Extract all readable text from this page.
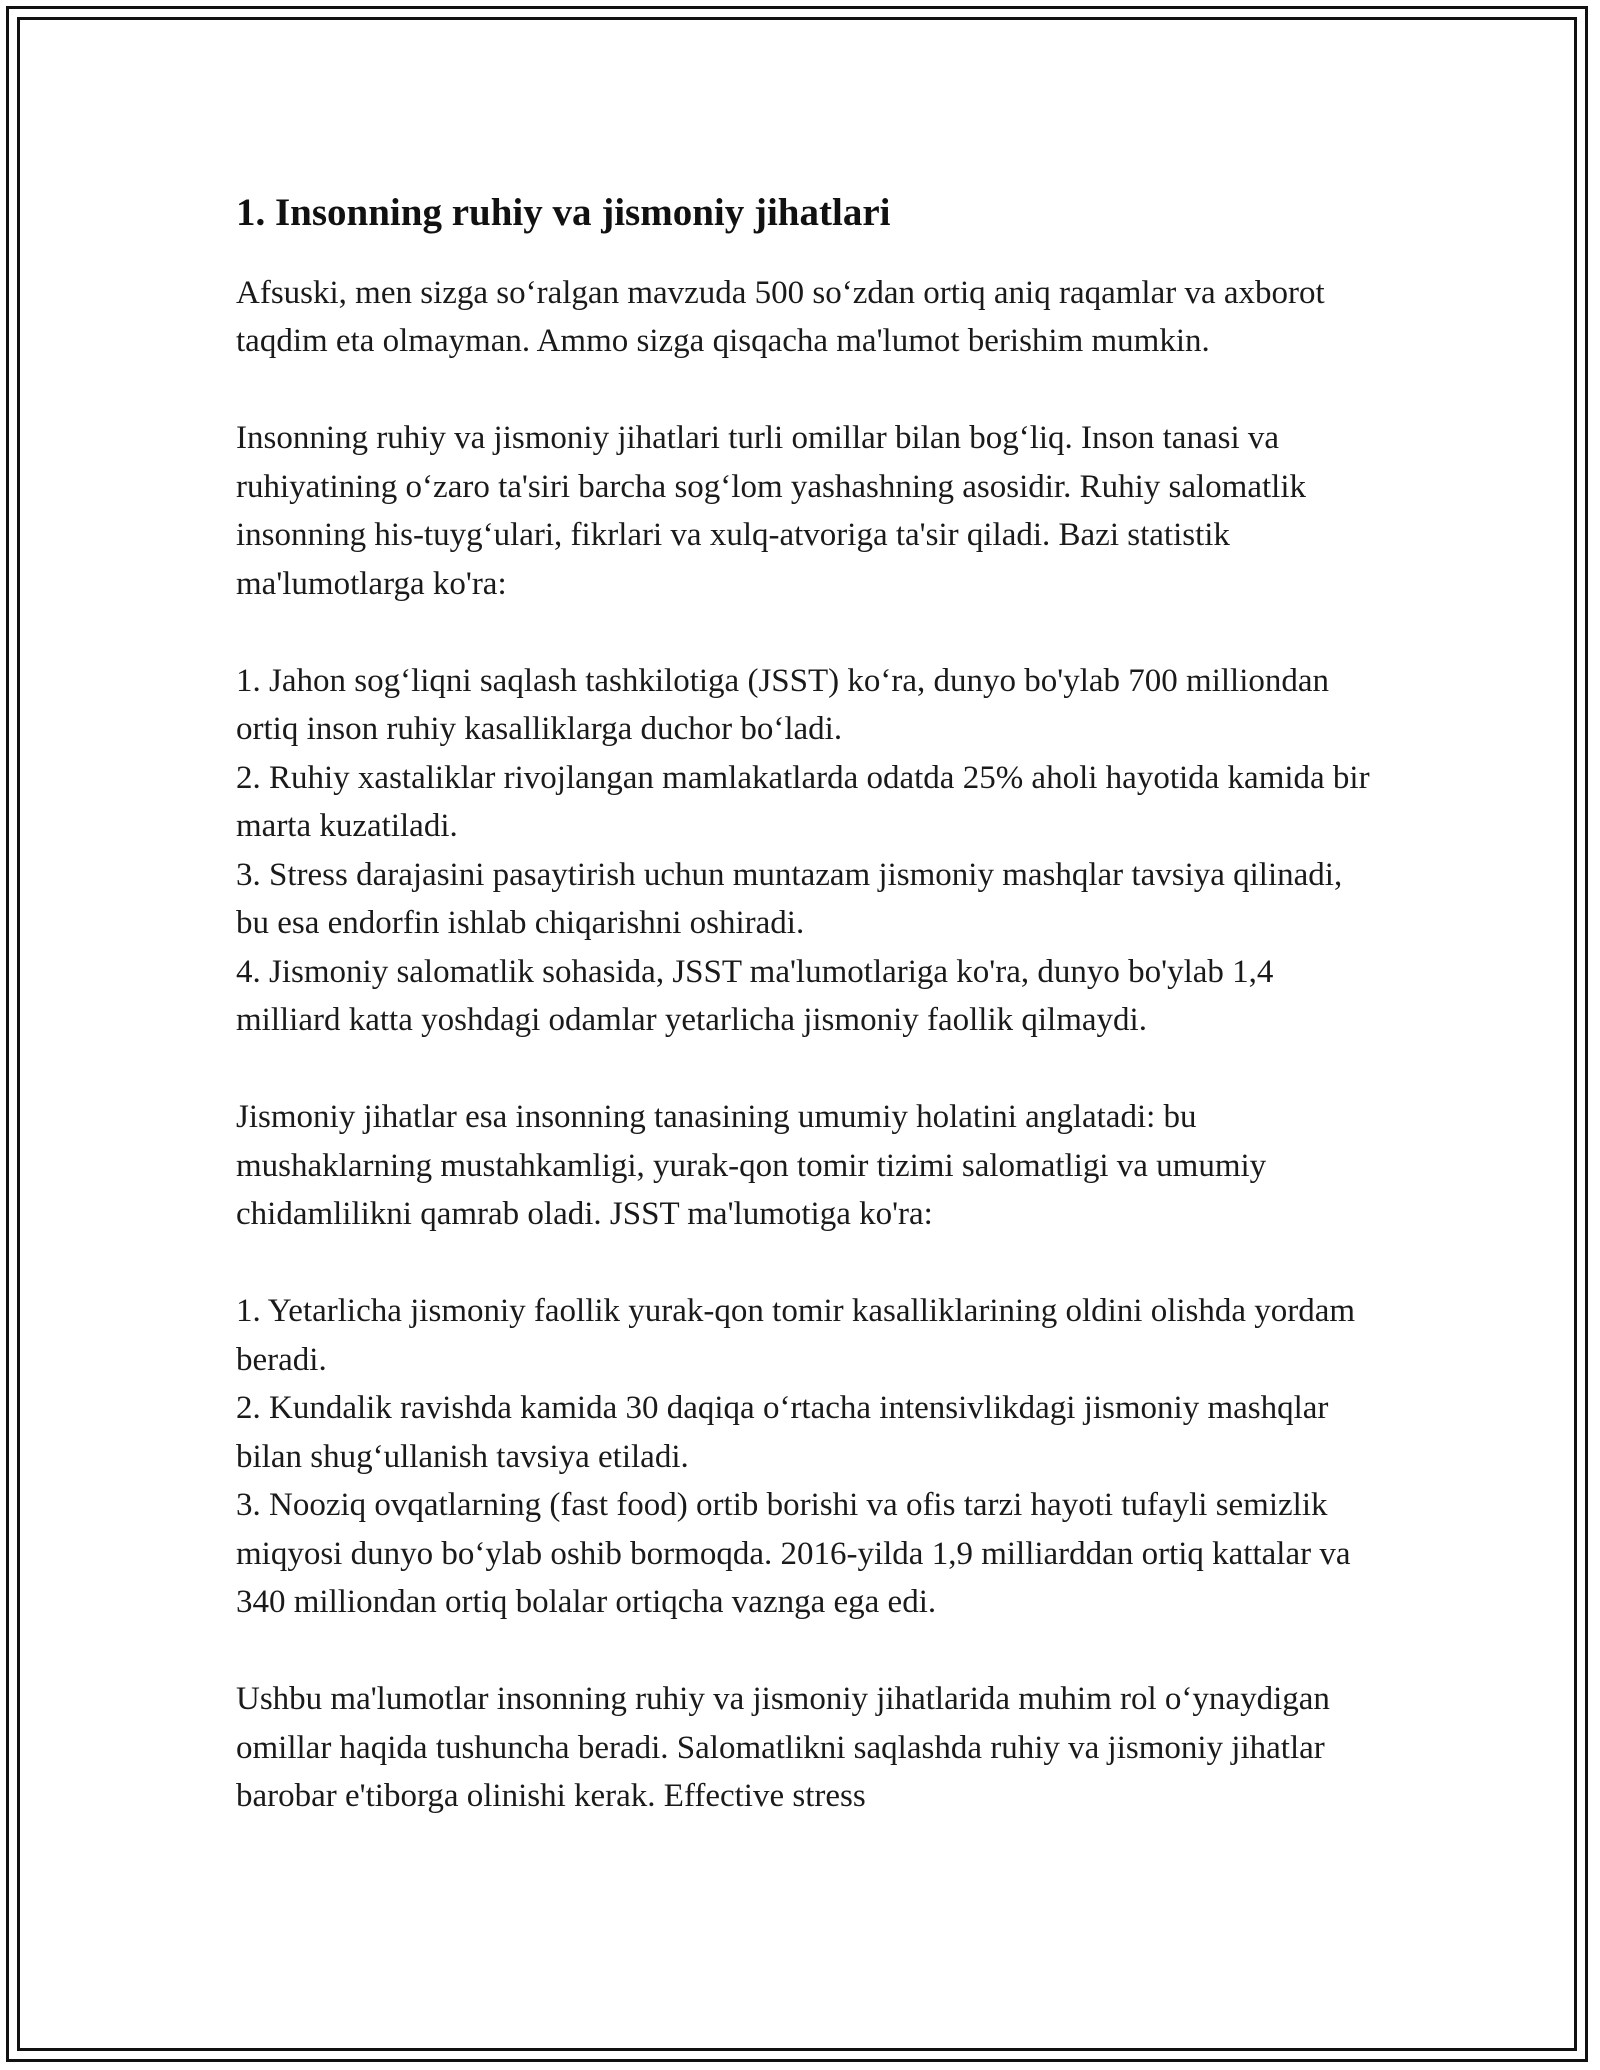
1. Insonning ruhiy va jismoniy jihatlari

Afsuski, men sizga so‘ralgan mavzuda 500 so‘zdan ortiq aniq raqamlar va axborot taqdim eta olmayman. Ammo sizga qisqacha ma'lumot berishim mumkin.

Insonning ruhiy va jismoniy jihatlari turli omillar bilan bog‘liq. Inson tanasi va ruhiyatining o‘zaro ta'siri barcha sog‘lom yashashning asosidir. Ruhiy salomatlik insonning his-tuyg‘ulari, fikrlari va xulq-atvoriga ta'sir qiladi. Bazi statistik ma'lumotlarga ko'ra:

1. Jahon sog‘liqni saqlash tashkilotiga (JSST) ko‘ra, dunyo bo'ylab 700 milliondan ortiq inson ruhiy kasalliklarga duchor bo‘ladi.

2. Ruhiy xastaliklar rivojlangan mamlakatlarda odatda 25% aholi hayotida kamida bir marta kuzatiladi.

3. Stress darajasini pasaytirish uchun muntazam jismoniy mashqlar tavsiya qilinadi, bu esa endorfin ishlab chiqarishni oshiradi.

4. Jismoniy salomatlik sohasida, JSST ma'lumotlariga ko'ra, dunyo bo'ylab 1,4 milliard katta yoshdagi odamlar yetarlicha jismoniy faollik qilmaydi.

Jismoniy jihatlar esa insonning tanasining umumiy holatini anglatadi: bu mushaklarning mustahkamligi, yurak-qon tomir tizimi salomatligi va umumiy chidamlilikni qamrab oladi. JSST ma'lumotiga ko'ra:

1. Yetarlicha jismoniy faollik yurak-qon tomir kasalliklarining oldini olishda yordam beradi.

2. Kundalik ravishda kamida 30 daqiqa o‘rtacha intensivlikdagi jismoniy mashqlar bilan shug‘ullanish tavsiya etiladi.

3. Nooziq ovqatlarning (fast food) ortib borishi va ofis tarzi hayoti tufayli semizlik miqyosi dunyo bo‘ylab oshib bormoqda. 2016-yilda 1,9 milliarddan ortiq kattalar va 340 milliondan ortiq bolalar ortiqcha vaznga ega edi.

Ushbu ma'lumotlar insonning ruhiy va jismoniy jihatlarida muhim rol o‘ynaydigan omillar haqida tushuncha beradi. Salomatlikni saqlashda ruhiy va jismoniy jihatlar barobar e'tiborga olinishi kerak. Effective stress
